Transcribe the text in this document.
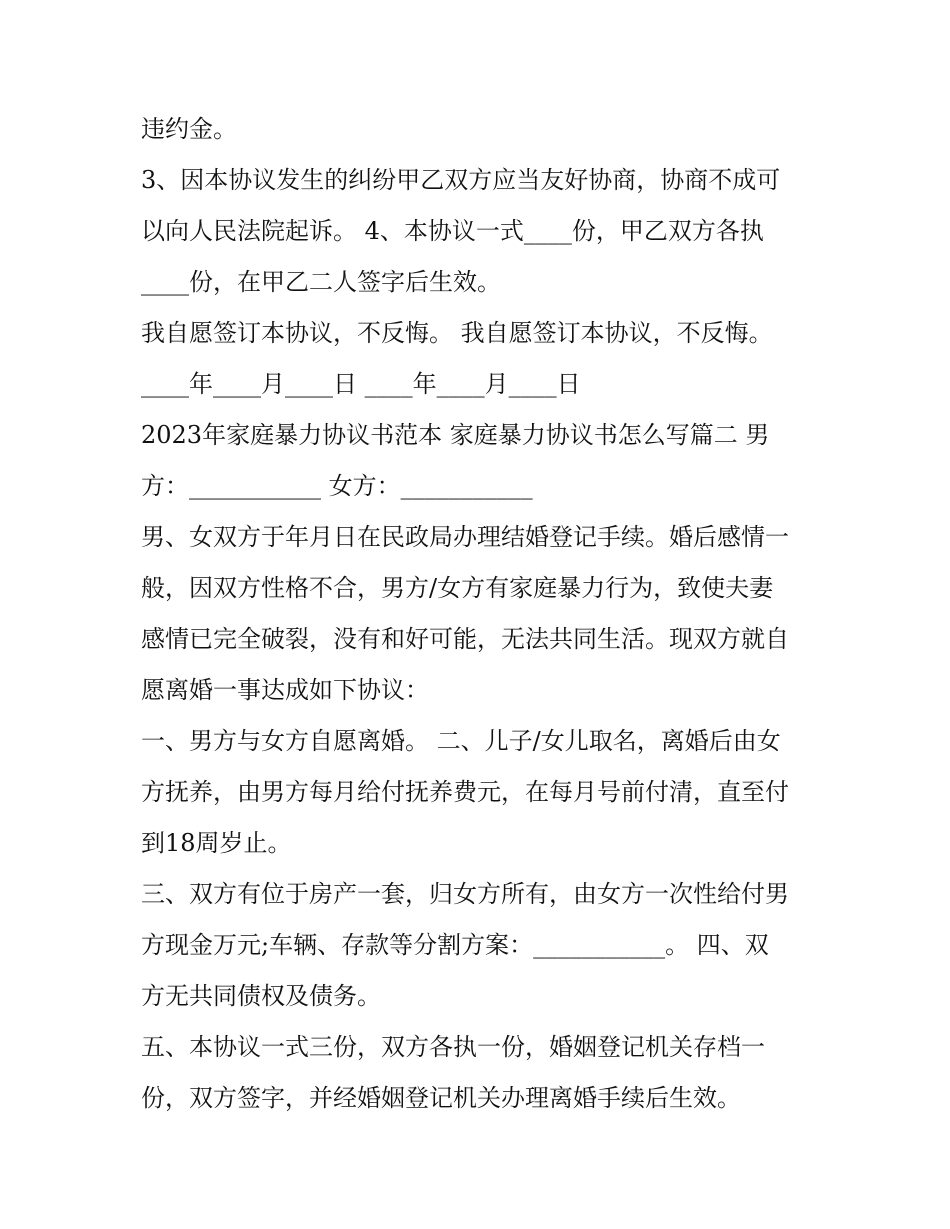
违约金。
3、因本协议发生的纠纷甲乙双方应当友好协商，协商不成可
以向人民法院起诉。 4、本协议一式____份，甲乙双方各执
____份，在甲乙二人签字后生效。
我自愿签订本协议，不反悔。 我自愿签订本协议，不反悔。
____年____月____日 ____年____月____日
2023年家庭暴力协议书范本 家庭暴力协议书怎么写篇二 男
方：___________ 女方：___________
男、女双方于年月日在民政局办理结婚登记手续。婚后感情一
般，因双方性格不合，男方/女方有家庭暴力行为，致使夫妻
感情已完全破裂，没有和好可能，无法共同生活。现双方就自
愿离婚一事达成如下协议：
一、男方与女方自愿离婚。 二、儿子/女儿取名，离婚后由女
方抚养，由男方每月给付抚养费元，在每月号前付清，直至付
到18周岁止。
三、双方有位于房产一套，归女方所有，由女方一次性给付男
方现金万元;车辆、存款等分割方案：___________。 四、双
方无共同债权及债务。
五、本协议一式三份，双方各执一份，婚姻登记机关存档一
份，双方签字，并经婚姻登记机关办理离婚手续后生效。
